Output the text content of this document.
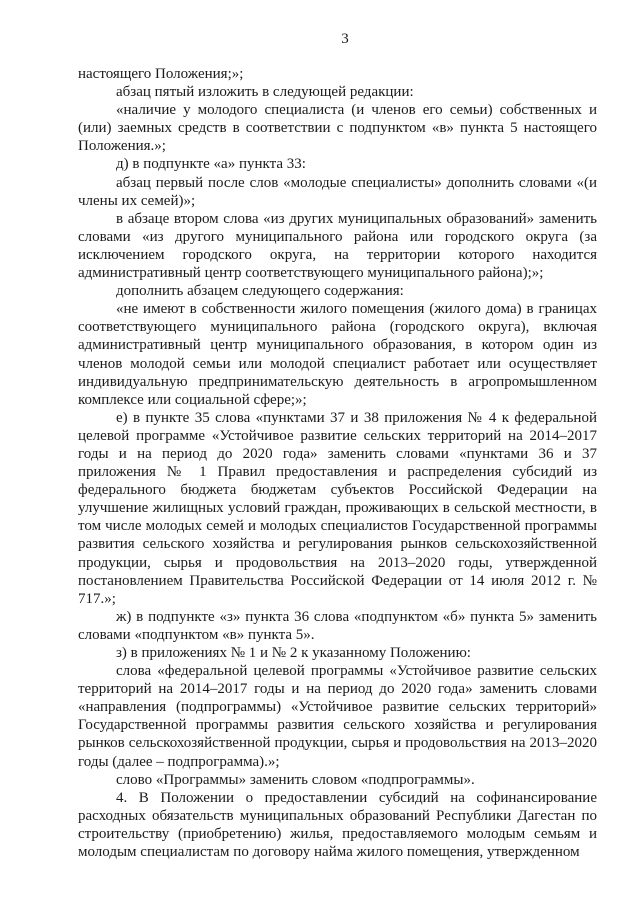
3

настоящего Положения;»;

абзац пятый изложить в следующей редакции:

«наличие у молодого специалиста (и членов его семьи) собственных и (или) заемных средств в соответствии с подпунктом «в» пункта 5 настоящего Положения.»;

д) в подпункте «а» пункта 33:

абзац первый после слов «молодые специалисты» дополнить словами «(и члены их семей)»;

в абзаце втором слова «из других муниципальных образований» заменить словами «из другого муниципального района или городского округа (за исключением городского округа, на территории которого находится административный центр соответствующего муниципального района);»;

дополнить абзацем следующего содержания:

«не имеют в собственности жилого помещения (жилого дома) в границах соответствующего муниципального района (городского округа), включая административный центр муниципального образования, в котором один из членов молодой семьи или молодой специалист работает или осуществляет индивидуальную предпринимательскую деятельность в агропромышленном комплексе или социальной сфере;»;

е) в пункте 35 слова «пунктами 37 и 38 приложения № 4 к федеральной целевой программе «Устойчивое развитие сельских территорий на 2014–2017 годы и на период до 2020 года» заменить словами «пунктами 36 и 37 приложения № 1 Правил предоставления и распределения субсидий из федерального бюджета бюджетам субъектов Российской Федерации на улучшение жилищных условий граждан, проживающих в сельской местности, в том числе молодых семей и молодых специалистов Государственной программы развития сельского хозяйства и регулирования рынков сельскохозяйственной продукции, сырья и продовольствия на 2013–2020 годы, утвержденной постановлением Правительства Российской Федерации от 14 июля 2012 г. № 717.»;

ж) в подпункте «з» пункта 36 слова «подпунктом «б» пункта 5» заменить словами «подпунктом «в» пункта 5».

з) в приложениях № 1 и № 2 к указанному Положению:

слова «федеральной целевой программы «Устойчивое развитие сельских территорий на 2014–2017 годы и на период до 2020 года» заменить словами «направления (подпрограммы) «Устойчивое развитие сельских территорий» Государственной программы развития сельского хозяйства и регулирования рынков сельскохозяйственной продукции, сырья и продовольствия на 2013–2020 годы (далее – подпрограмма).»;

слово «Программы» заменить словом «подпрограммы».

4. В Положении о предоставлении субсидий на софинансирование расходных обязательств муниципальных образований Республики Дагестан по строительству (приобретению) жилья, предоставляемого молодым семьям и молодым специалистам по договору найма жилого помещения, утвержденном
